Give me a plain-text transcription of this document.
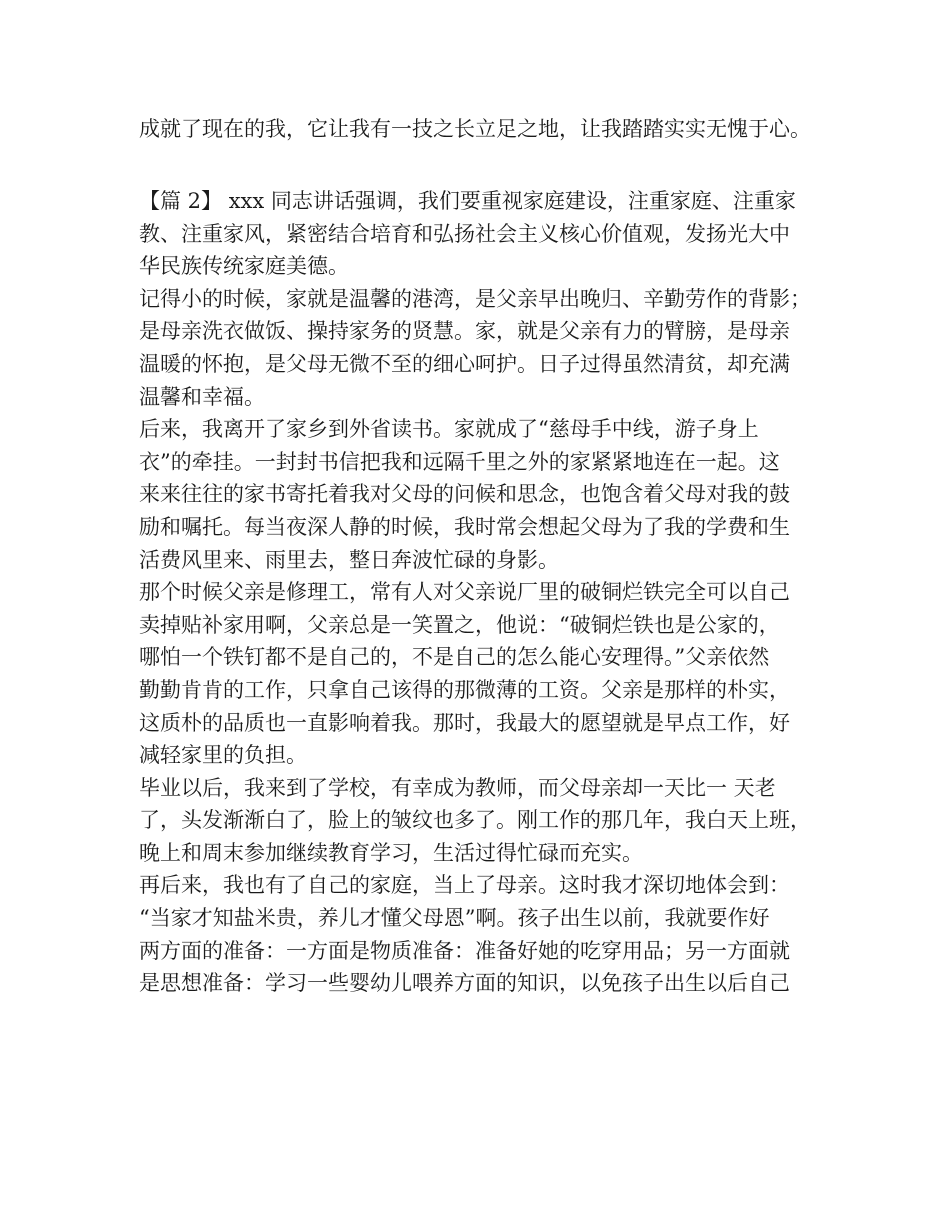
成就了现在的我，它让我有一技之长立足之地，让我踏踏实实无愧于心。
【篇 2】 xxx 同志讲话强调，我们要重视家庭建设，注重家庭、注重家
教、注重家风，紧密结合培育和弘扬社会主义核心价值观，发扬光大中
华民族传统家庭美德。
记得小的时候，家就是温馨的港湾，是父亲早出晚归、辛勤劳作的背影；
是母亲洗衣做饭、操持家务的贤慧。家，就是父亲有力的臂膀，是母亲
温暖的怀抱，是父母无微不至的细心呵护。日子过得虽然清贫，却充满
温馨和幸福。
后来，我离开了家乡到外省读书。家就成了“慈母手中线，游子身上
衣”的牵挂。一封封书信把我和远隔千里之外的家紧紧地连在一起。这
来来往往的家书寄托着我对父母的问候和思念，也饱含着父母对我的鼓
励和嘱托。每当夜深人静的时候，我时常会想起父母为了我的学费和生
活费风里来、雨里去，整日奔波忙碌的身影。
那个时候父亲是修理工，常有人对父亲说厂里的破铜烂铁完全可以自己
卖掉贴补家用啊，父亲总是一笑置之，他说：“破铜烂铁也是公家的，
哪怕一个铁钉都不是自己的，不是自己的怎么能心安理得。”父亲依然
勤勤肯肯的工作，只拿自己该得的那微薄的工资。父亲是那样的朴实，
这质朴的品质也一直影响着我。那时，我最大的愿望就是早点工作，好
减轻家里的负担。
毕业以后，我来到了学校，有幸成为教师，而父母亲却一天比一 天老
了，头发渐渐白了，脸上的皱纹也多了。刚工作的那几年，我白天上班，
晚上和周末参加继续教育学习，生活过得忙碌而充实。
再后来，我也有了自己的家庭，当上了母亲。这时我才深切地体会到：
“当家才知盐米贵，养儿才懂父母恩”啊。孩子出生以前，我就要作好
两方面的准备：一方面是物质准备：准备好她的吃穿用品；另一方面就
是思想准备：学习一些婴幼儿喂养方面的知识，以免孩子出生以后自己
